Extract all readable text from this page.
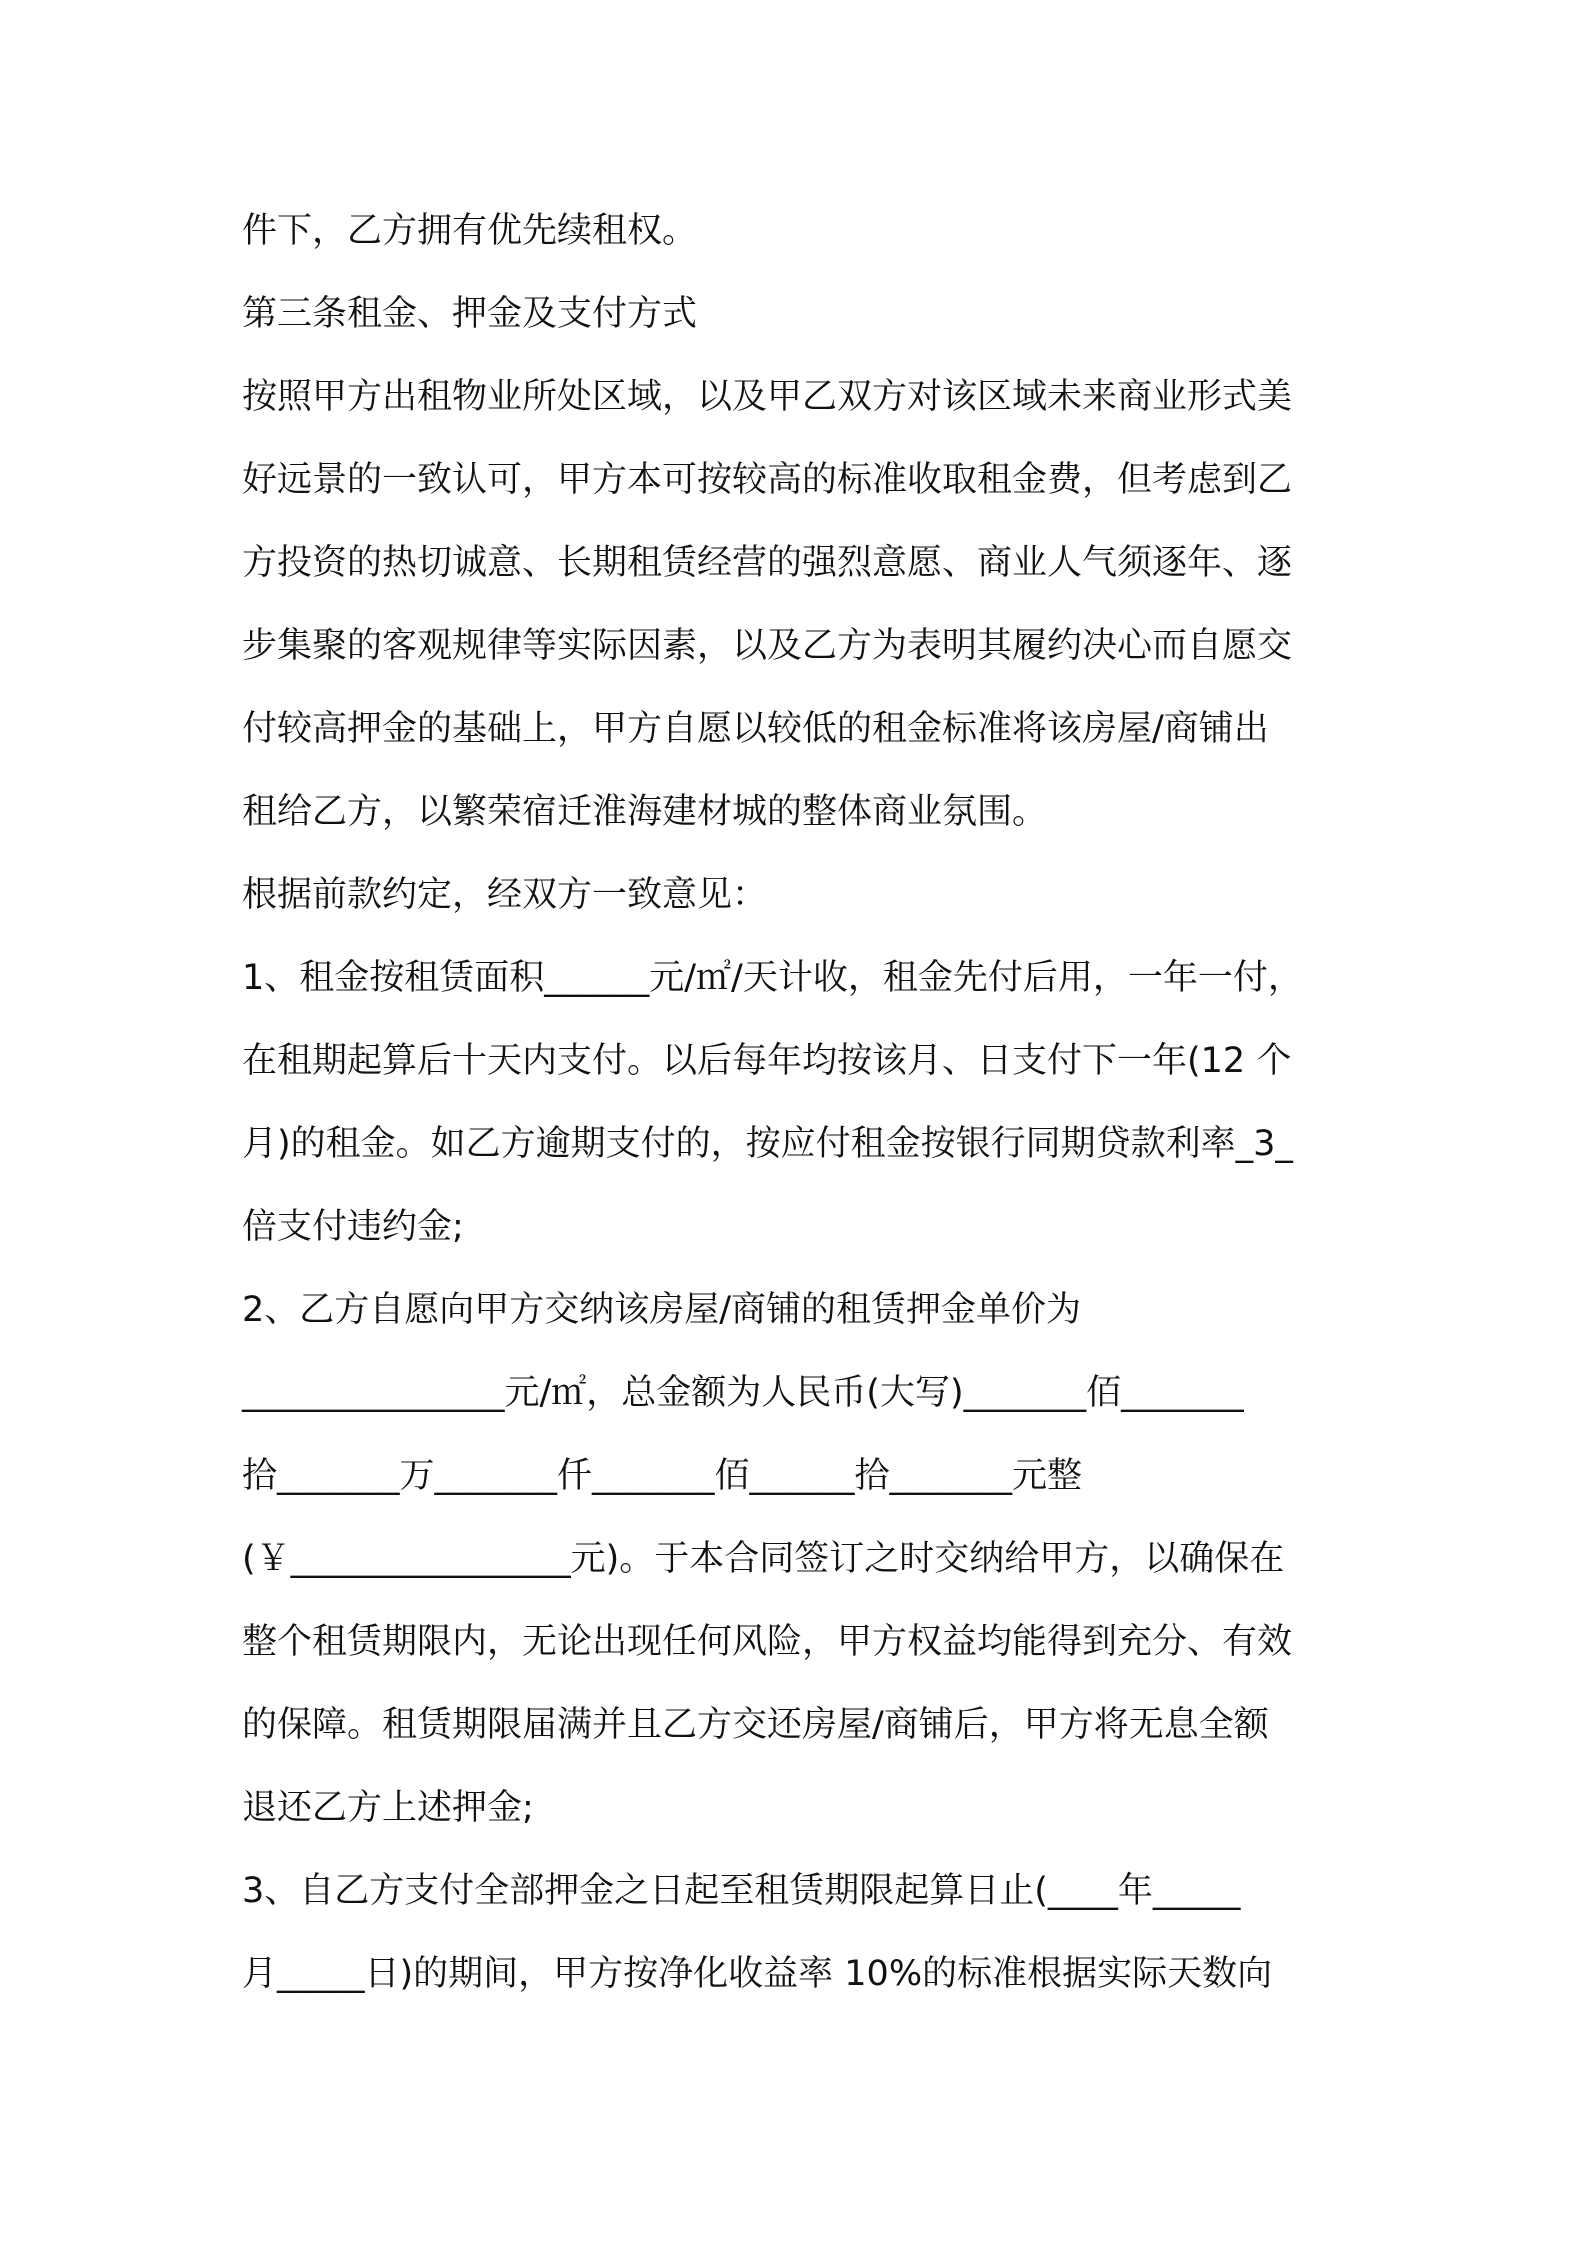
件下，乙方拥有优先续租权。
第三条租金、押金及支付方式
按照甲方出租物业所处区域，以及甲乙双方对该区域未来商业形式美
好远景的一致认可，甲方本可按较高的标准收取租金费，但考虑到乙
方投资的热切诚意、长期租赁经营的强烈意愿、商业人气须逐年、逐
步集聚的客观规律等实际因素，以及乙方为表明其履约决心而自愿交
付较高押金的基础上，甲方自愿以较低的租金标准将该房屋/商铺出
租给乙方，以繁荣宿迁淮海建材城的整体商业氛围。
根据前款约定，经双方一致意见：
1、租金按租赁面积______元/㎡/天计收，租金先付后用，一年一付，
在租期起算后十天内支付。以后每年均按该月、日支付下一年(12 个
月)的租金。如乙方逾期支付的，按应付租金按银行同期贷款利率_3_
倍支付违约金;
2、乙方自愿向甲方交纳该房屋/商铺的租赁押金单价为
_______________元/㎡，总金额为人民币(大写)_______佰_______
拾_______万_______仟_______佰______拾_______元整
(￥________________元)。于本合同签订之时交纳给甲方，以确保在
整个租赁期限内，无论出现任何风险，甲方权益均能得到充分、有效
的保障。租赁期限届满并且乙方交还房屋/商铺后，甲方将无息全额
退还乙方上述押金;
3、自乙方支付全部押金之日起至租赁期限起算日止(____年_____
月_____日)的期间，甲方按净化收益率 10%的标准根据实际天数向
